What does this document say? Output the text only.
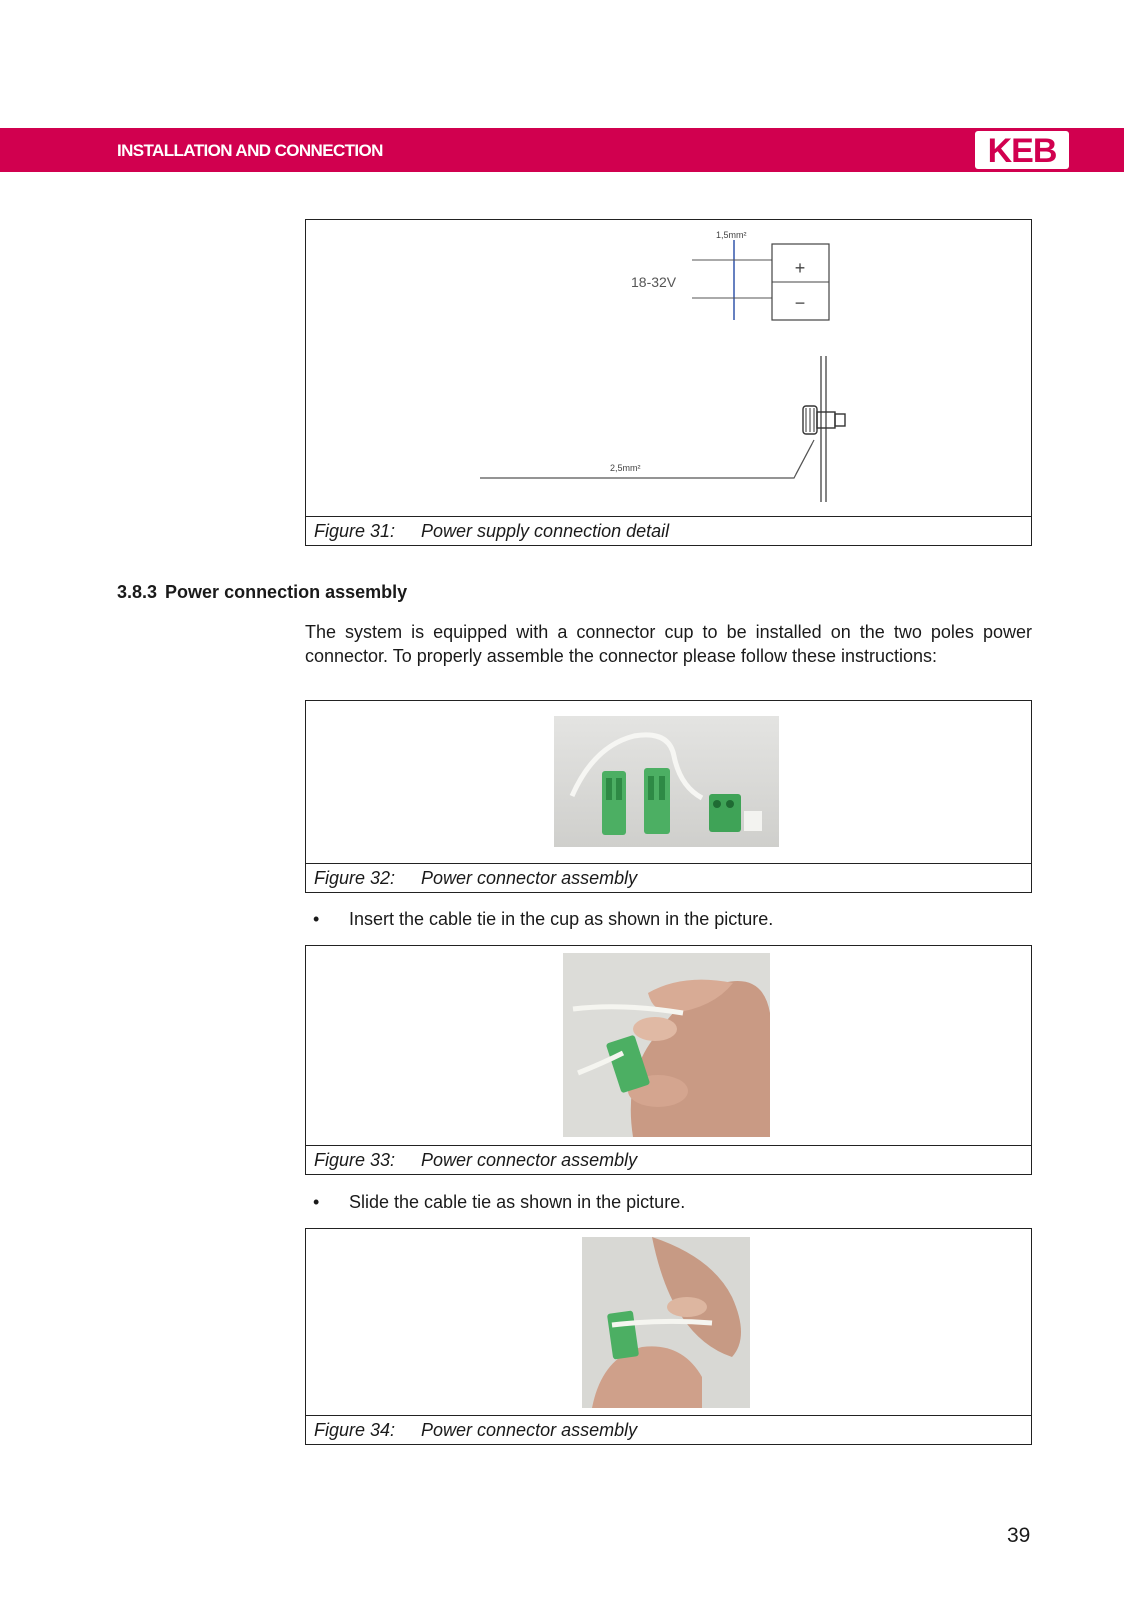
INSTALLATION AND CONNECTION	KEB
1,5mm²
18-32V
+
−
2,5mm²
Figure 31: Power supply connection detail
3.8.3 Power connection assembly
The system is equipped with a connector cup to be installed on the two poles power connector. To properly assemble the connector please follow these instructions:
Figure 32: Power connector assembly
• Insert the cable tie in the cup as shown in the picture.
Figure 33: Power connector assembly
• Slide the cable tie as shown in the picture.
Figure 34: Power connector assembly
39
